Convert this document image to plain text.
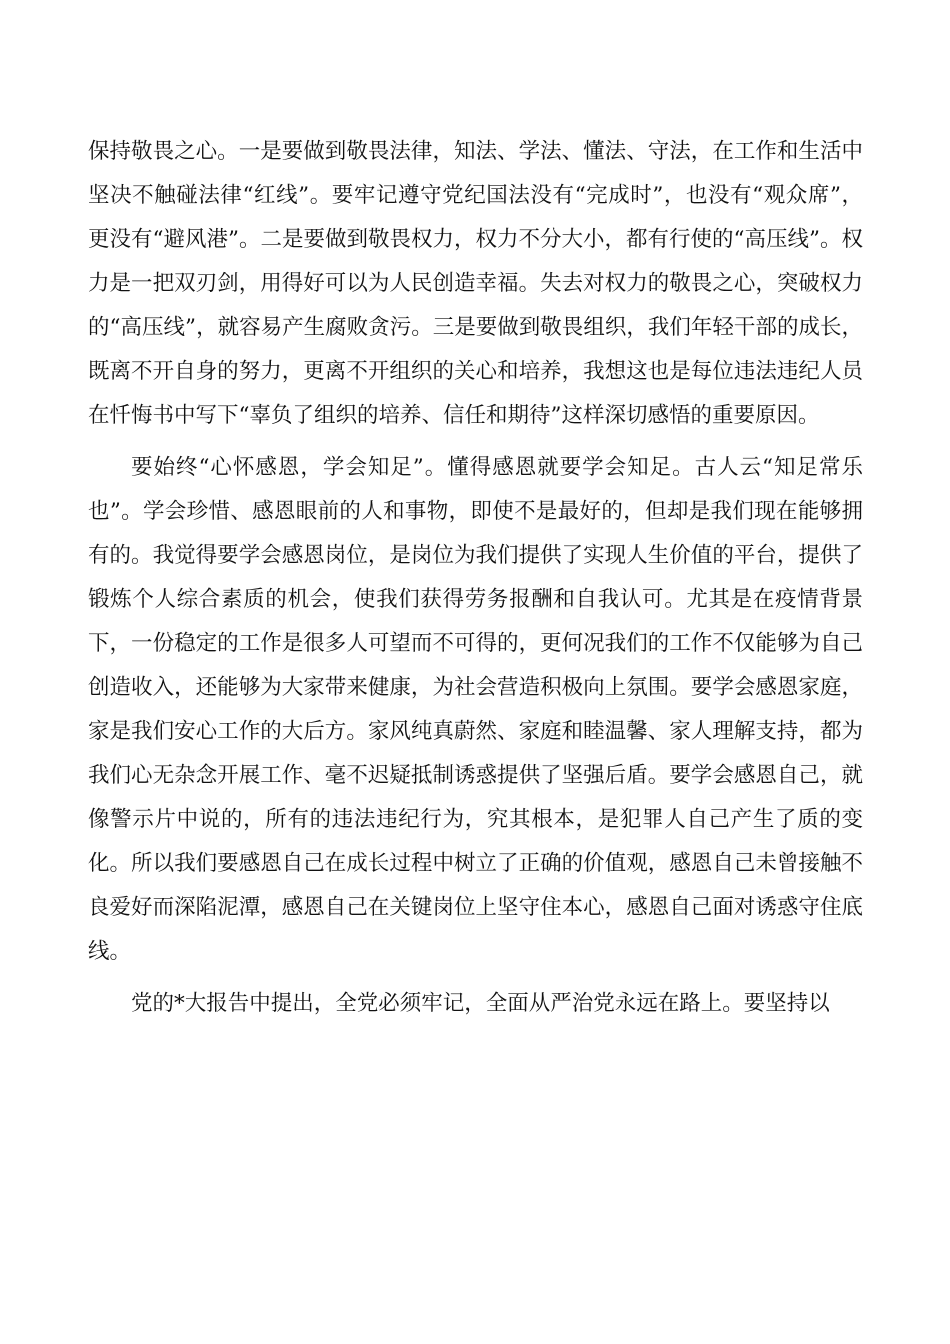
保持敬畏之心。一是要做到敬畏法律，知法、学法、懂法、守法，在工作和生活中坚决不触碰法律“红线”。要牢记遵守党纪国法没有“完成时”，也没有“观众席”，更没有“避风港”。二是要做到敬畏权力，权力不分大小，都有行使的“高压线”。权力是一把双刃剑，用得好可以为人民创造幸福。失去对权力的敬畏之心，突破权力的“高压线”，就容易产生腐败贪污。三是要做到敬畏组织，我们年轻干部的成长，既离不开自身的努力，更离不开组织的关心和培养，我想这也是每位违法违纪人员在忏悔书中写下“辜负了组织的培养、信任和期待”这样深切感悟的重要原因。

要始终“心怀感恩，学会知足”。懂得感恩就要学会知足。古人云“知足常乐也”。学会珍惜、感恩眼前的人和事物，即使不是最好的，但却是我们现在能够拥有的。我觉得要学会感恩岗位，是岗位为我们提供了实现人生价值的平台，提供了锻炼个人综合素质的机会，使我们获得劳务报酬和自我认可。尤其是在疫情背景下，一份稳定的工作是很多人可望而不可得的，更何况我们的工作不仅能够为自己创造收入，还能够为大家带来健康，为社会营造积极向上氛围。要学会感恩家庭，家是我们安心工作的大后方。家风纯真蔚然、家庭和睦温馨、家人理解支持，都为我们心无杂念开展工作、毫不迟疑抵制诱惑提供了坚强后盾。要学会感恩自己，就像警示片中说的，所有的违法违纪行为，究其根本，是犯罪人自己产生了质的变化。所以我们要感恩自己在成长过程中树立了正确的价值观，感恩自己未曾接触不良爱好而深陷泥潭，感恩自己在关键岗位上坚守住本心，感恩自己面对诱惑守住底线。

党的*大报告中提出，全党必须牢记，全面从严治党永远在路上。要坚持以
